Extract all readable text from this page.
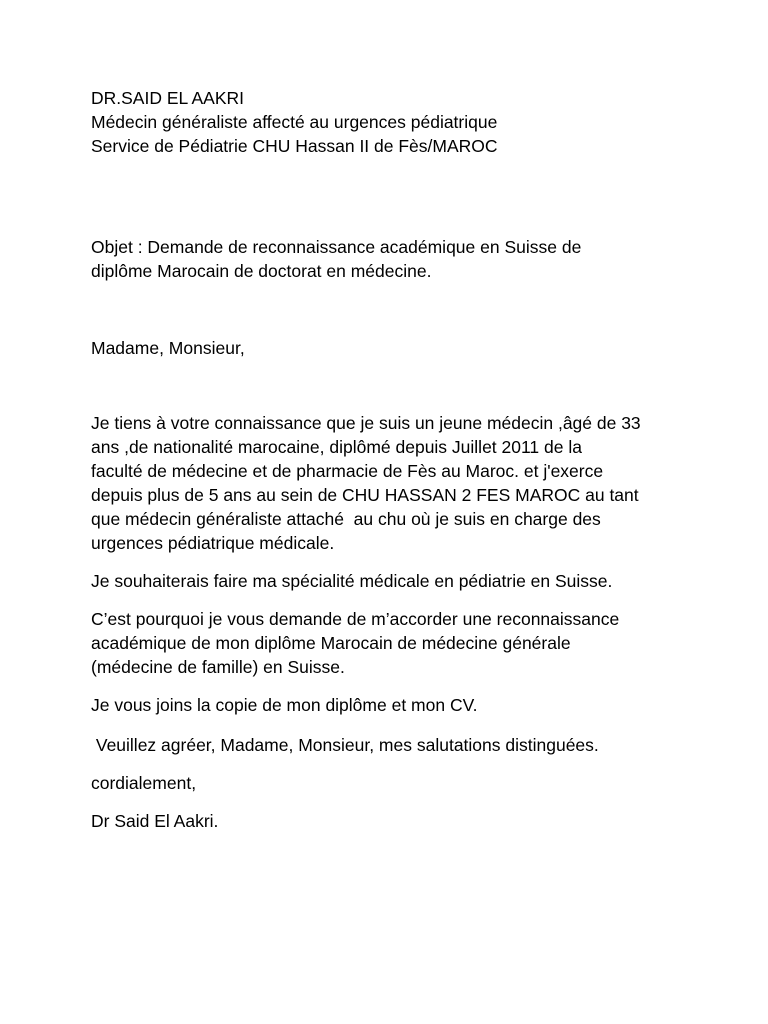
DR.SAID EL AAKRI
Médecin généraliste affecté au urgences pédiatrique
Service de Pédiatrie CHU Hassan II de Fès/MAROC
Objet : Demande de reconnaissance académique en Suisse de
diplôme Marocain de doctorat en médecine.
Madame, Monsieur,
Je tiens à votre connaissance que je suis un jeune médecin ,âgé de 33
ans ,de nationalité marocaine, diplômé depuis Juillet 2011 de la
faculté de médecine et de pharmacie de Fès au Maroc. et j'exerce
depuis plus de 5 ans au sein de CHU HASSAN 2 FES MAROC au tant
que médecin généraliste attaché  au chu où je suis en charge des
urgences pédiatrique médicale.
Je souhaiterais faire ma spécialité médicale en pédiatrie en Suisse.
C’est pourquoi je vous demande de m’accorder une reconnaissance
académique de mon diplôme Marocain de médecine générale
(médecine de famille) en Suisse.
Je vous joins la copie de mon diplôme et mon CV.
Veuillez agréer, Madame, Monsieur, mes salutations distinguées.
cordialement,
Dr Said El Aakri.
